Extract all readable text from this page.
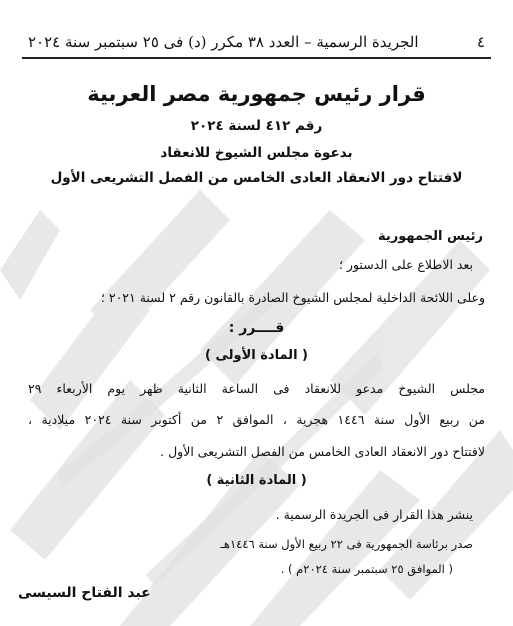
٤
الجريدة الرسمية – العدد ٣٨ مكرر (د) فى ٢٥ سبتمبر سنة ٢٠٢٤
قرار رئيس جمهورية مصر العربية
رقم ٤١٢ لسنة ٢٠٢٤
بدعوة مجلس الشيوخ للانعقاد
لافتتاح دور الانعقاد العادى الخامس من الفصل التشريعى الأول
رئيس الجمهورية
بعد الاطلاع على الدستور ؛
وعلى اللائحة الداخلية لمجلس الشيوخ الصادرة بالقانون رقم ٢ لسنة ٢٠٢١ ؛
قــــرر :
( المادة الأولى )
مجلس الشيوخ مدعو للانعقاد فى الساعة الثانية ظهر يوم الأربعاء ٢٩
من ربيع الأول سنة ١٤٤٦ هجرية ، الموافق ٢ من أكتوبر سنة ٢٠٢٤ ميلادية ،
لافتتاح دور الانعقاد العادى الخامس من الفصل التشريعى الأول .
( المادة الثانية )
ينشر هذا القرار فى الجريدة الرسمية .
صدر برئاسة الجمهورية فى ٢٢ ربيع الأول سنة ١٤٤٦هـ
( الموافق ٢٥ سبتمبر سنة ٢٠٢٤م ) .
عبد الفتاح السيسى
